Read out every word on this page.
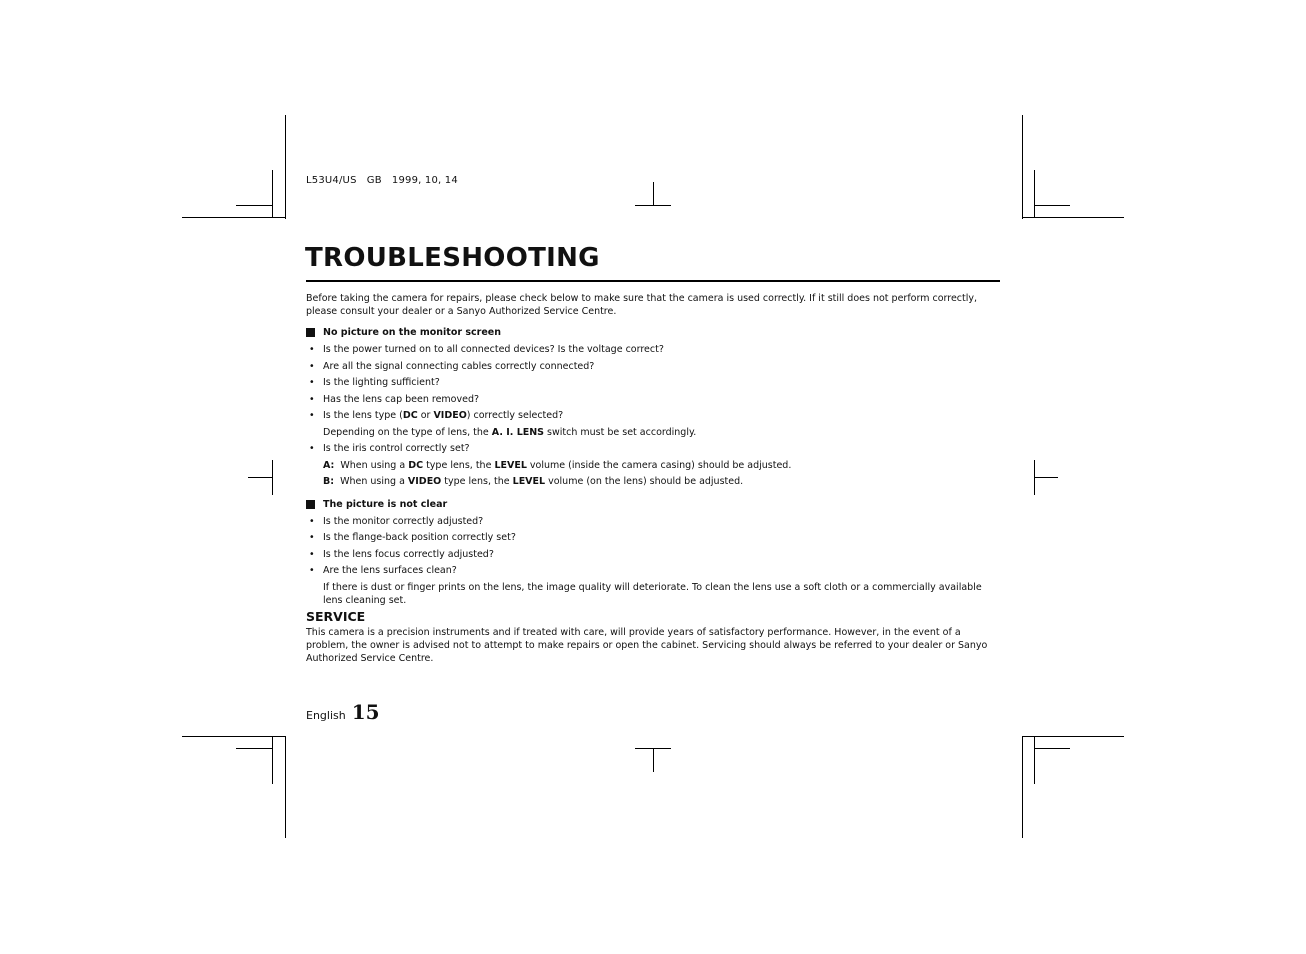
L53U4/US   GB   1999, 10, 14
TROUBLESHOOTING

Before taking the camera for repairs, please check below to make sure that the camera is used correctly. If it still does not perform correctly, please consult your dealer or a Sanyo Authorized Service Centre.

No picture on the monitor screen
• Is the power turned on to all connected devices? Is the voltage correct?
• Are all the signal connecting cables correctly connected?
• Is the lighting sufficient?
• Has the lens cap been removed?
• Is the lens type (DC or VIDEO) correctly selected?
Depending on the type of lens, the A. I. LENS switch must be set accordingly.
• Is the iris control correctly set?
A: When using a DC type lens, the LEVEL volume (inside the camera casing) should be adjusted.
B: When using a VIDEO type lens, the LEVEL volume (on the lens) should be adjusted.
The picture is not clear
• Is the monitor correctly adjusted?
• Is the flange-back position correctly set?
• Is the lens focus correctly adjusted?
• Are the lens surfaces clean?
If there is dust or finger prints on the lens, the image quality will deteriorate. To clean the lens use a soft cloth or a commercially available lens cleaning set.
SERVICE

This camera is a precision instruments and if treated with care, will provide years of satisfactory performance. However, in the event of a problem, the owner is advised not to attempt to make repairs or open the cabinet. Servicing should always be referred to your dealer or Sanyo Authorized Service Centre.

English 15
